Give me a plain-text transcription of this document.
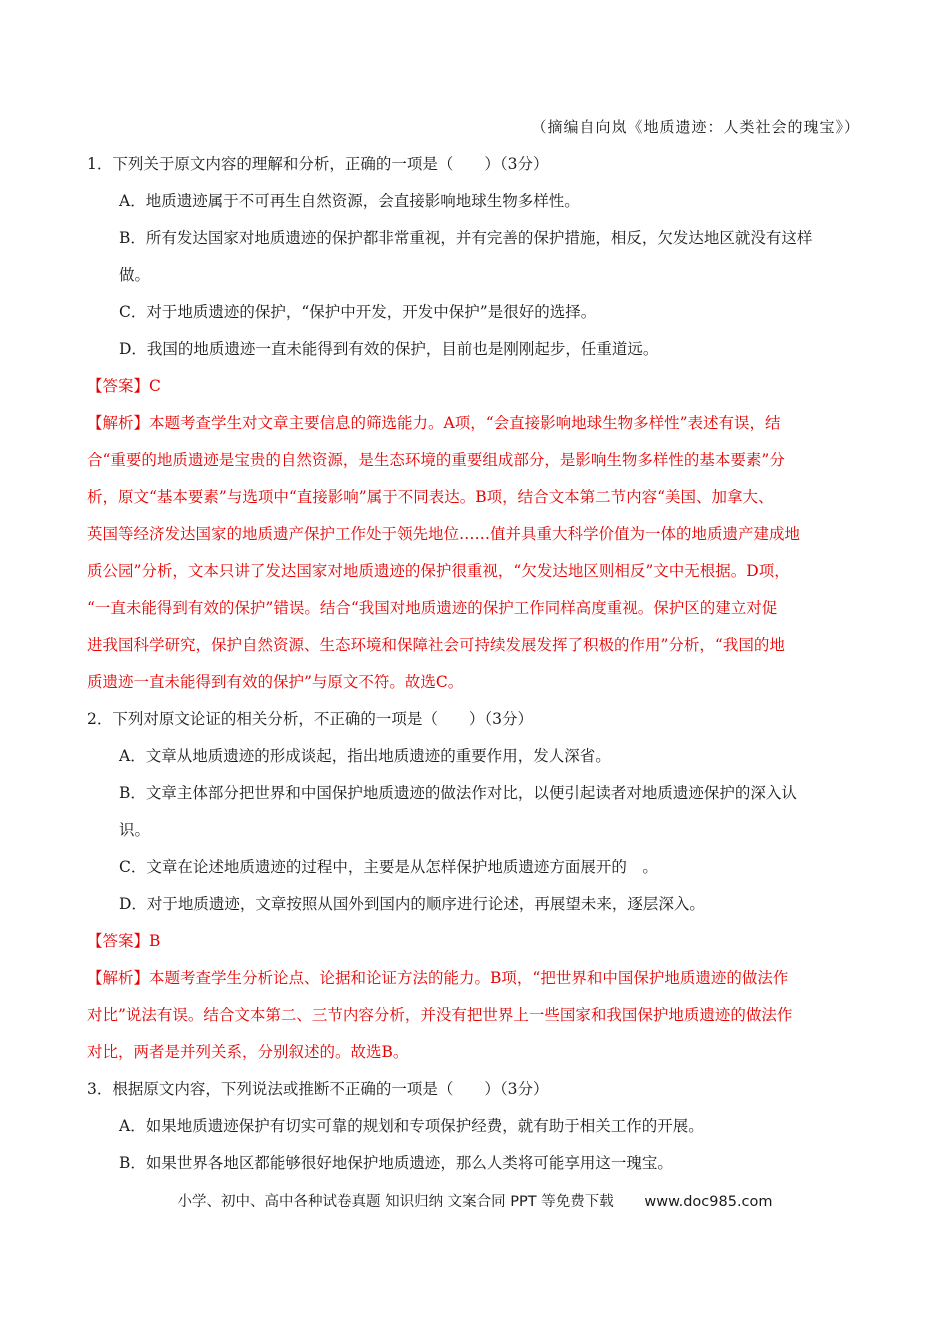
（摘编自向岚《地质遗迹：人类社会的瑰宝》）
1．下列关于原文内容的理解和分析，正确的一项是（　　）（3分）
A．地质遗迹属于不可再生自然资源，会直接影响地球生物多样性。
B．所有发达国家对地质遗迹的保护都非常重视，并有完善的保护措施，相反，欠发达地区就没有这样
做。
C．对于地质遗迹的保护，“保护中开发，开发中保护”是很好的选择。
D．我国的地质遗迹一直未能得到有效的保护，目前也是刚刚起步，任重道远。
【答案】C
【解析】本题考查学生对文章主要信息的筛选能力。A项，“会直接影响地球生物多样性”表述有误，结
合“重要的地质遗迹是宝贵的自然资源，是生态环境的重要组成部分，是影响生物多样性的基本要素”分
析，原文“基本要素”与选项中“直接影响”属于不同表达。B项，结合文本第二节内容“美国、加拿大、
英国等经济发达国家的地质遗产保护工作处于领先地位……值并具重大科学价值为一体的地质遗产建成地
质公园”分析，文本只讲了发达国家对地质遗迹的保护很重视，“欠发达地区则相反”文中无根据。D项，
“一直未能得到有效的保护”错误。结合“我国对地质遗迹的保护工作同样高度重视。保护区的建立对促
进我国科学研究，保护自然资源、生态环境和保障社会可持续发展发挥了积极的作用”分析，“我国的地
质遗迹一直未能得到有效的保护”与原文不符。故选C。
2．下列对原文论证的相关分析，不正确的一项是（　　）（3分）
A．文章从地质遗迹的形成谈起，指出地质遗迹的重要作用，发人深省。
B．文章主体部分把世界和中国保护地质遗迹的做法作对比，以便引起读者对地质遗迹保护的深入认
识。
C．文章在论述地质遗迹的过程中，主要是从怎样保护地质遗迹方面展开的　。
D．对于地质遗迹，文章按照从国外到国内的顺序进行论述，再展望未来，逐层深入。
【答案】B
【解析】本题考查学生分析论点、论据和论证方法的能力。B项，“把世界和中国保护地质遗迹的做法作
对比”说法有误。结合文本第二、三节内容分析，并没有把世界上一些国家和我国保护地质遗迹的做法作
对比，两者是并列关系，分别叙述的。故选B。
3．根据原文内容，下列说法或推断不正确的一项是（　　）（3分）
A．如果地质遗迹保护有切实可靠的规划和专项保护经费，就有助于相关工作的开展。
B．如果世界各地区都能够很好地保护地质遗迹，那么人类将可能享用这一瑰宝。
小学、初中、高中各种试卷真题 知识归纳 文案合同 PPT 等免费下载 www.doc985.com
